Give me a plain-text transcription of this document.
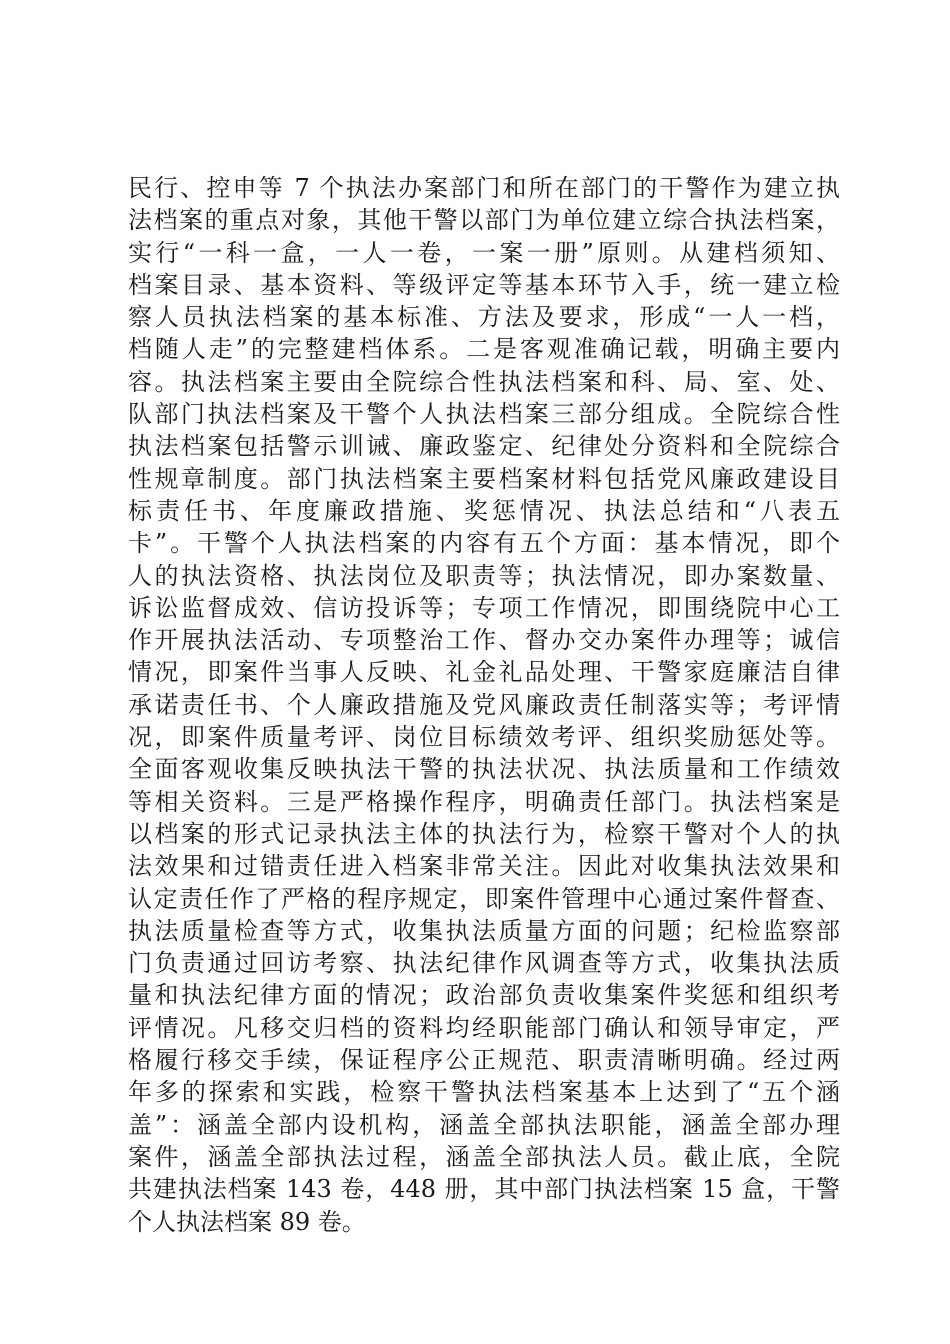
民行、控申等 7 个执法办案部门和所在部门的干警作为建立执
法档案的重点对象，其他干警以部门为单位建立综合执法档案，
实行“一科一盒，一人一卷，一案一册”原则。从建档须知、
档案目录、基本资料、等级评定等基本环节入手，统一建立检
察人员执法档案的基本标准、方法及要求，形成“一人一档，
档随人走”的完整建档体系。二是客观准确记载，明确主要内
容。执法档案主要由全院综合性执法档案和科、局、室、处、
队部门执法档案及干警个人执法档案三部分组成。全院综合性
执法档案包括警示训诫、廉政鉴定、纪律处分资料和全院综合
性规章制度。部门执法档案主要档案材料包括党风廉政建设目
标责任书、年度廉政措施、奖惩情况、执法总结和“八表五
卡”。干警个人执法档案的内容有五个方面：基本情况，即个
人的执法资格、执法岗位及职责等；执法情况，即办案数量、
诉讼监督成效、信访投诉等；专项工作情况，即围绕院中心工
作开展执法活动、专项整治工作、督办交办案件办理等；诚信
情况，即案件当事人反映、礼金礼品处理、干警家庭廉洁自律
承诺责任书、个人廉政措施及党风廉政责任制落实等；考评情
况，即案件质量考评、岗位目标绩效考评、组织奖励惩处等。
全面客观收集反映执法干警的执法状况、执法质量和工作绩效
等相关资料。三是严格操作程序，明确责任部门。执法档案是
以档案的形式记录执法主体的执法行为，检察干警对个人的执
法效果和过错责任进入档案非常关注。因此对收集执法效果和
认定责任作了严格的程序规定，即案件管理中心通过案件督查、
执法质量检查等方式，收集执法质量方面的问题；纪检监察部
门负责通过回访考察、执法纪律作风调查等方式，收集执法质
量和执法纪律方面的情况；政治部负责收集案件奖惩和组织考
评情况。凡移交归档的资料均经职能部门确认和领导审定，严
格履行移交手续，保证程序公正规范、职责清晰明确。经过两
年多的探索和实践，检察干警执法档案基本上达到了“五个涵
盖”：涵盖全部内设机构，涵盖全部执法职能，涵盖全部办理
案件，涵盖全部执法过程，涵盖全部执法人员。截止底，全院
共建执法档案 143 卷，448 册，其中部门执法档案 15 盒，干警
个人执法档案 89 卷。
